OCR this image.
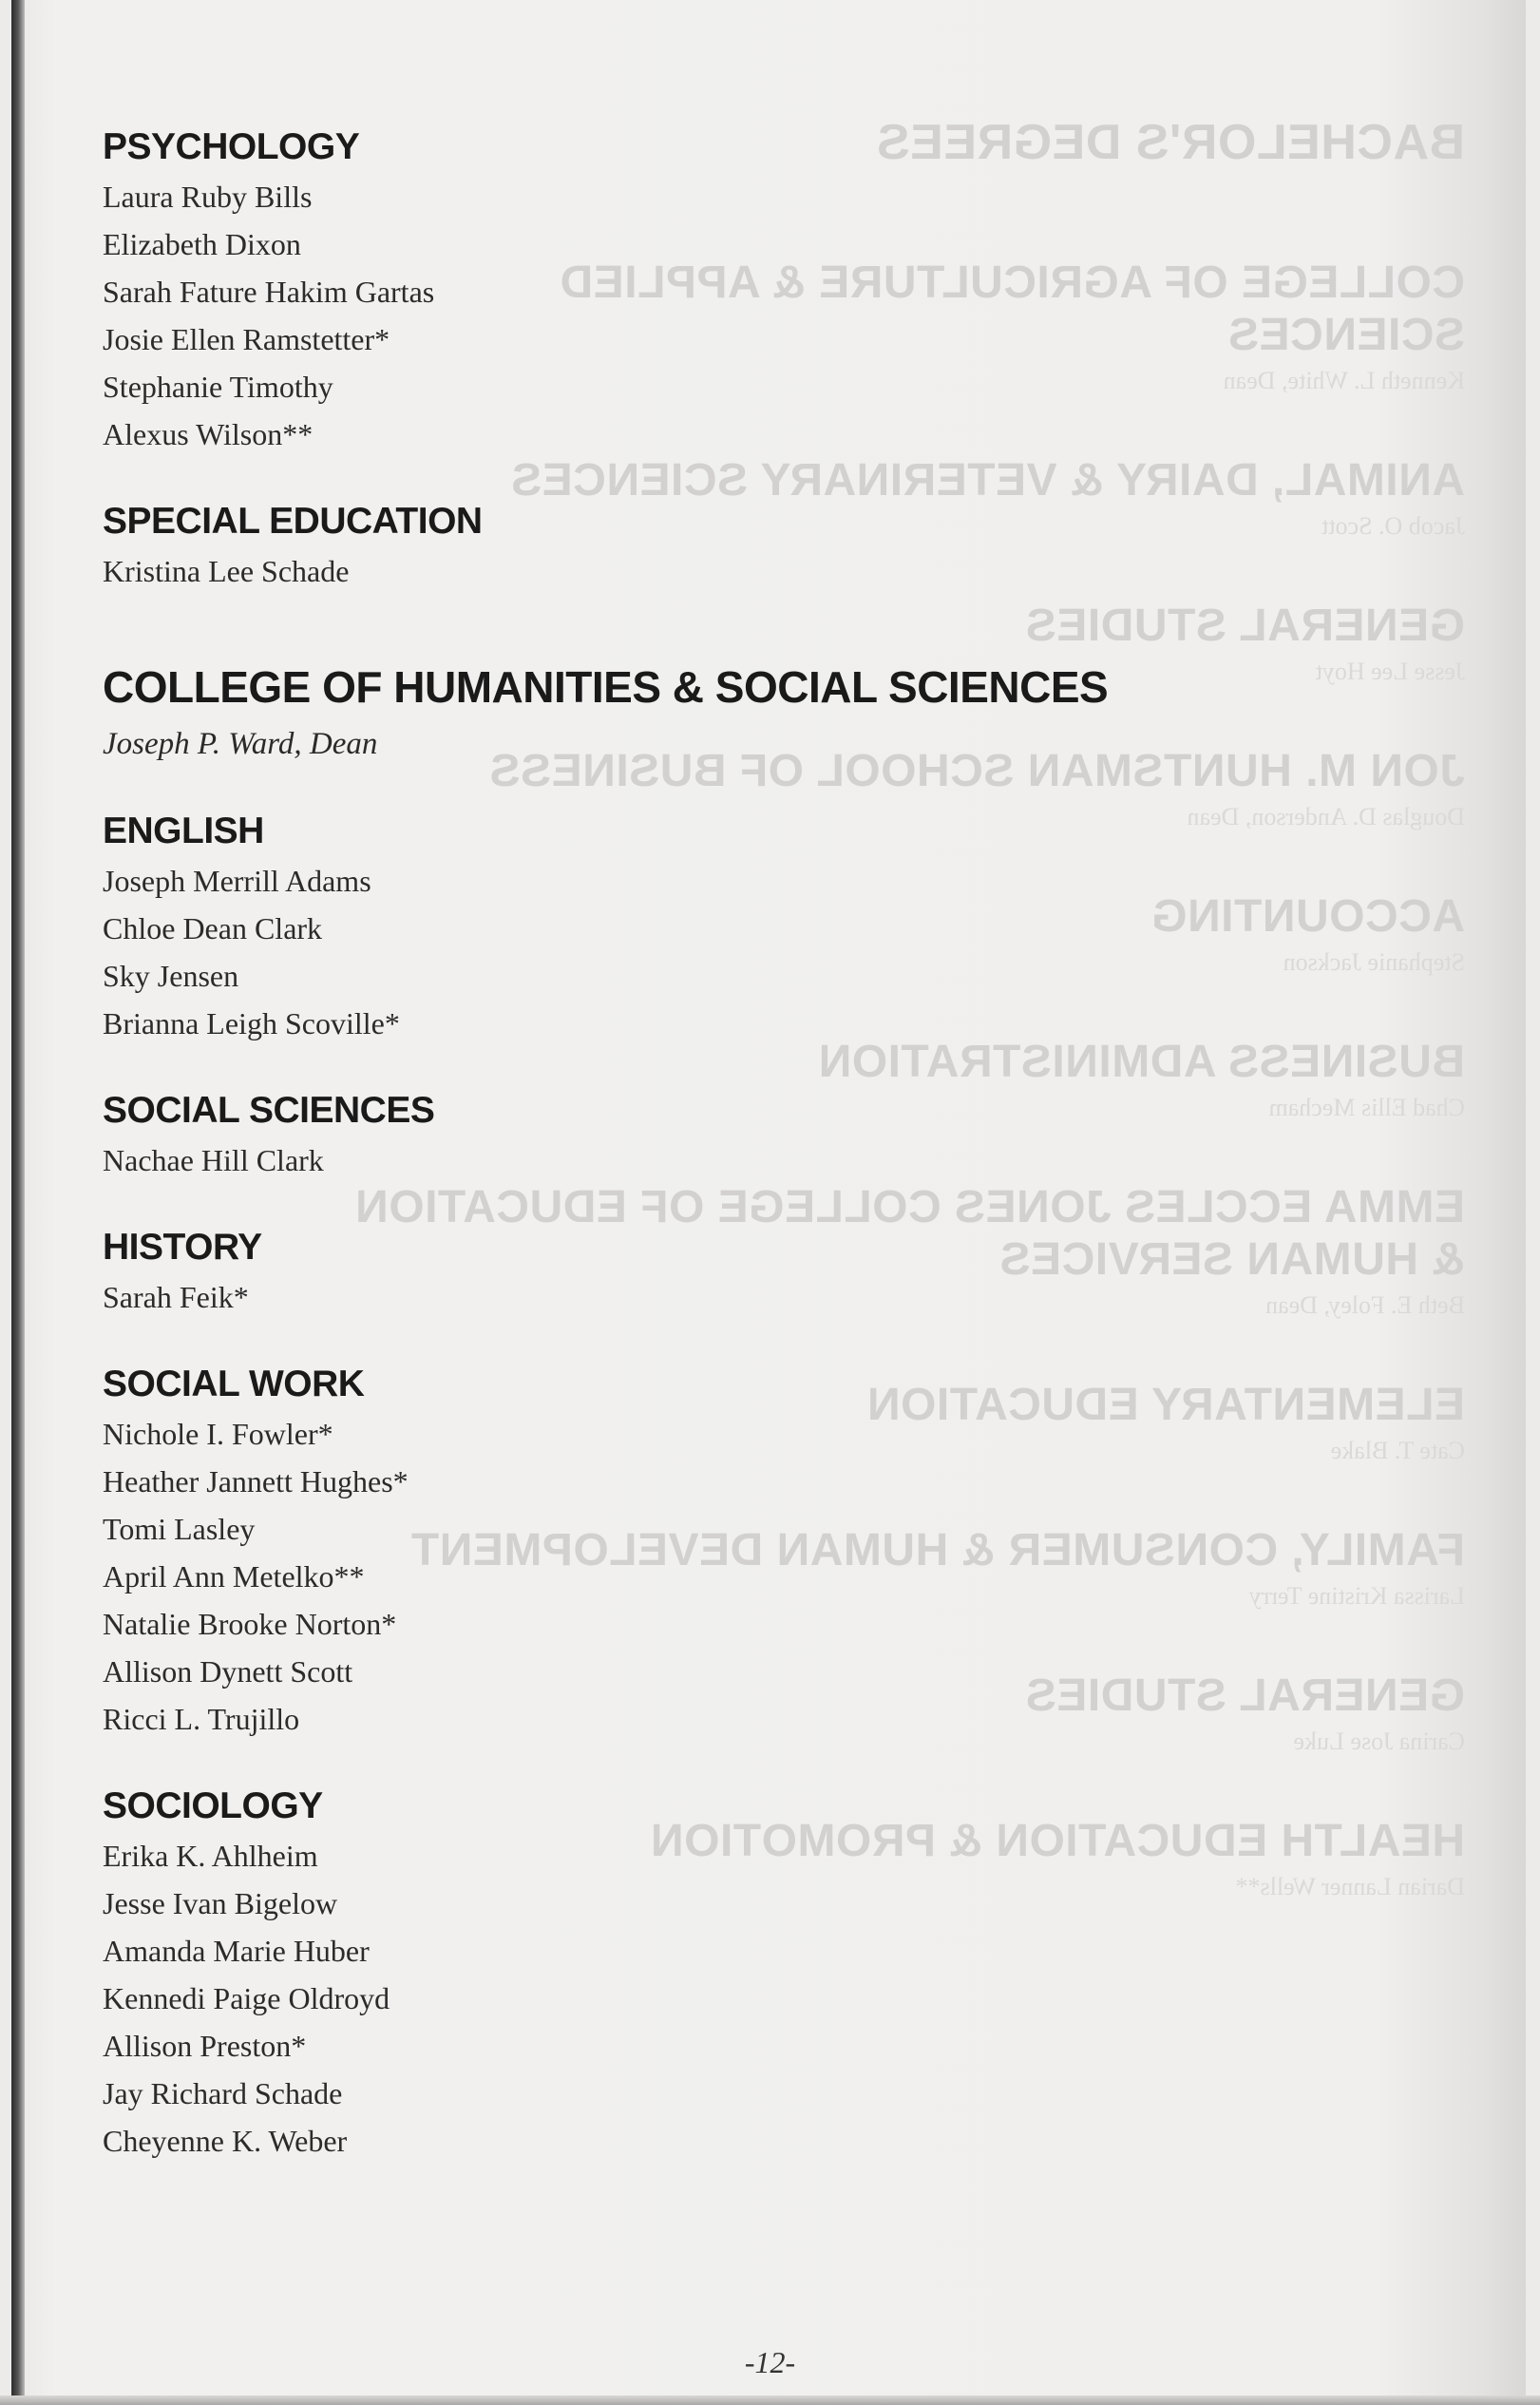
BACHELOR'S DEGREES
COLLEGE OF AGRICULTURE & APPLIED SCIENCES
Kenneth L. White, Dean
ANIMAL, DAIRY & VETERINARY SCIENCES
Jacob O. Scott
GENERAL STUDIES
Jesse Lee Hoyt
JON M. HUNTSMAN SCHOOL OF BUSINESS
Douglas D. Anderson, Dean
ACCOUNTING
Stephanie Jackson
BUSINESS ADMINISTRATION
Chad Ellis Mecham
EMMA ECCLES JONES COLLEGE OF EDUCATION & HUMAN SERVICES
Beth E. Foley, Dean
ELEMENTARY EDUCATION
Cate T. Blake
FAMILY, CONSUMER & HUMAN DEVELOPMENT
Larissa Kristine Terry
GENERAL STUDIES
Carina Jose Luke
HEALTH EDUCATION & PROMOTION
Darian Lanner Wells**
PSYCHOLOGY
Laura Ruby Bills
Elizabeth Dixon
Sarah Fature Hakim Gartas
Josie Ellen Ramstetter*
Stephanie Timothy
Alexus Wilson**
SPECIAL EDUCATION
Kristina Lee Schade
COLLEGE OF HUMANITIES & SOCIAL SCIENCES
Joseph P. Ward, Dean
ENGLISH
Joseph Merrill Adams
Chloe Dean Clark
Sky Jensen
Brianna Leigh Scoville*
SOCIAL SCIENCES
Nachae Hill Clark
HISTORY
Sarah Feik*
SOCIAL WORK
Nichole I. Fowler*
Heather Jannett Hughes*
Tomi Lasley
April Ann Metelko**
Natalie Brooke Norton*
Allison Dynett Scott
Ricci L. Trujillo
SOCIOLOGY
Erika K. Ahlheim
Jesse Ivan Bigelow
Amanda Marie Huber
Kennedi Paige Oldroyd
Allison Preston*
Jay Richard Schade
Cheyenne K. Weber
-12-
